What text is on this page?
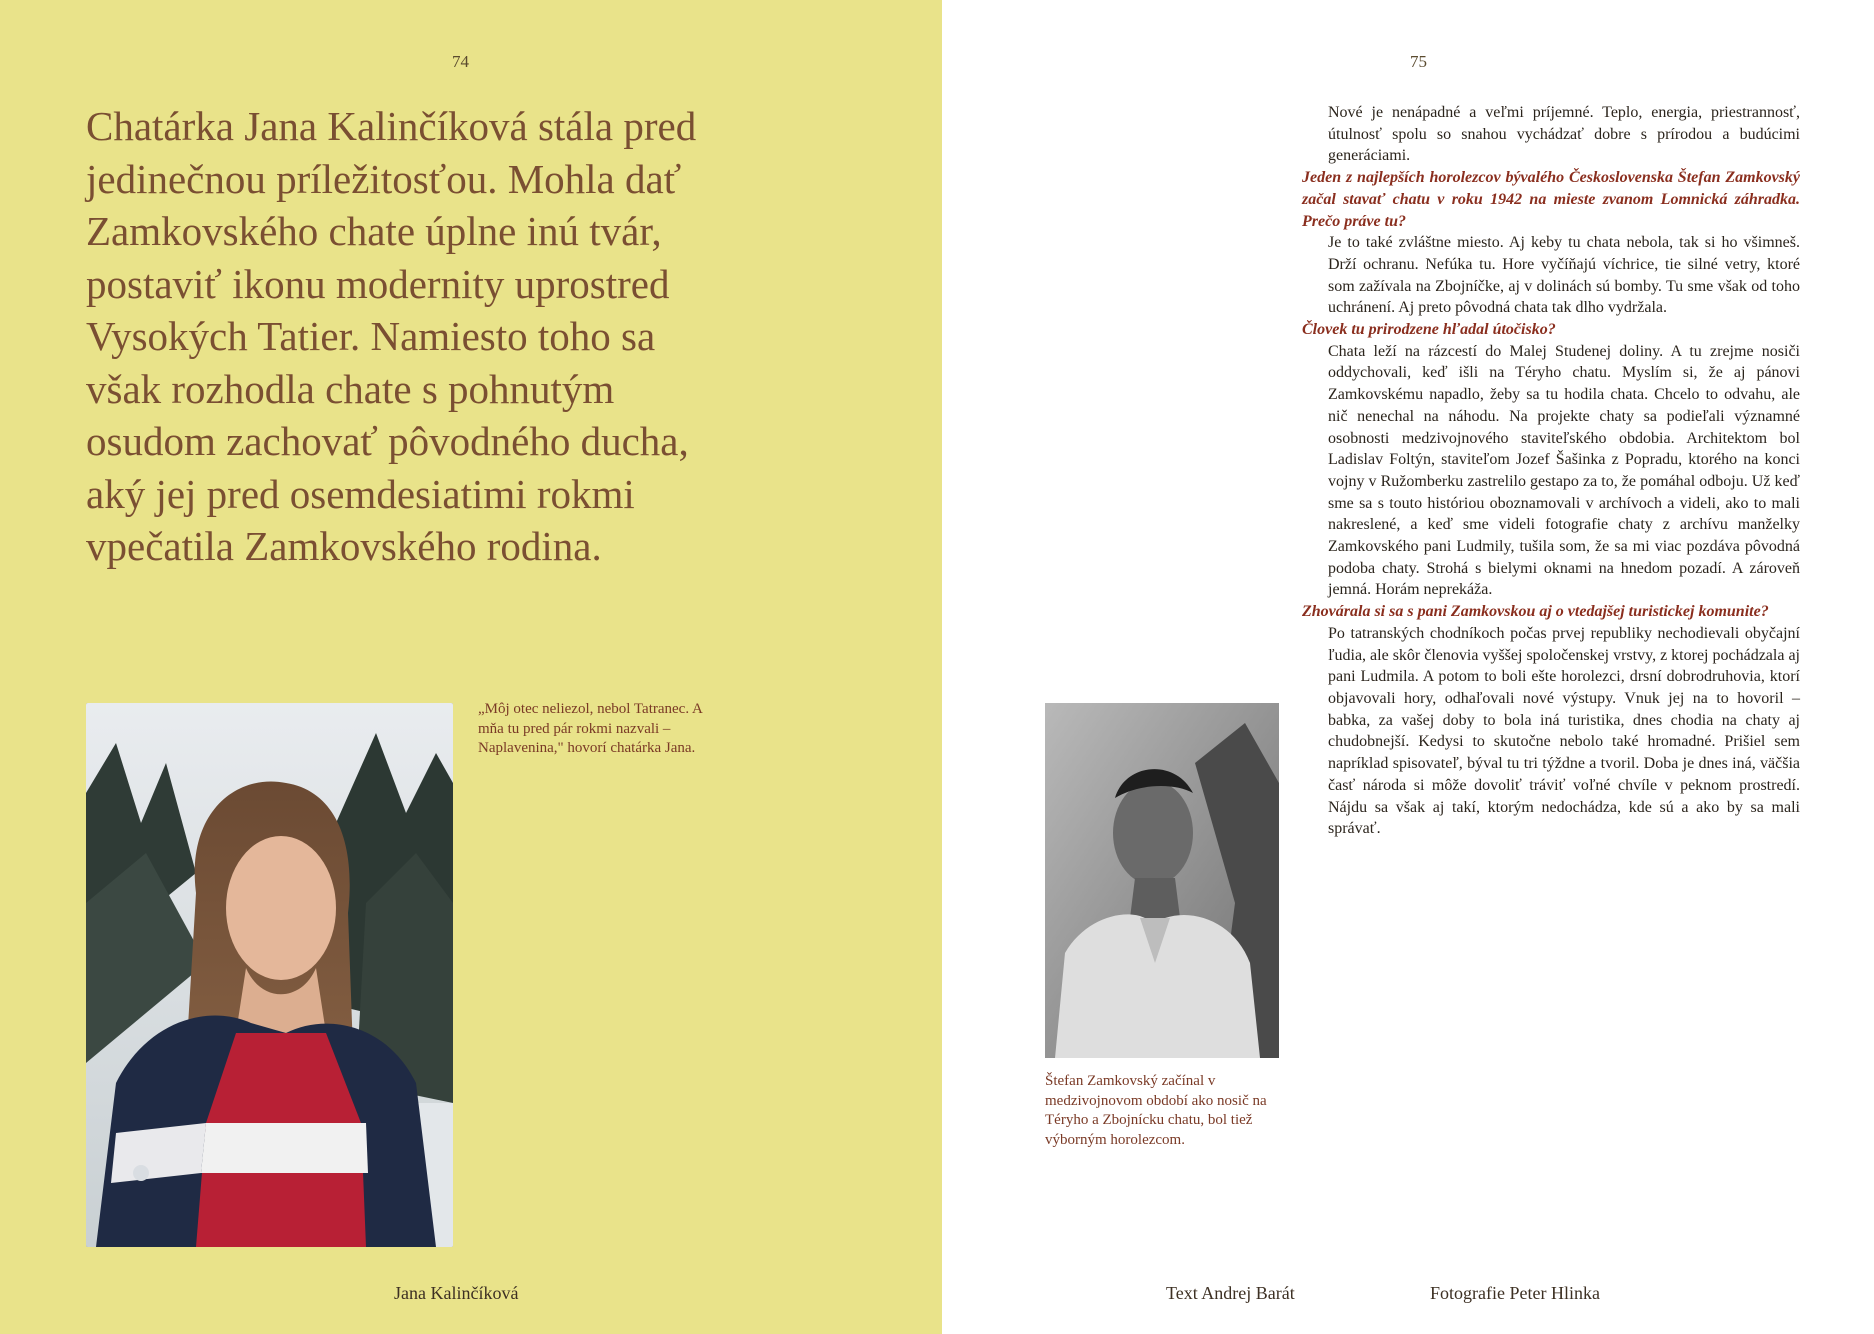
74

Chatárka Jana Kalinčíková stála pred jedinečnou príležitosťou. Mohla dať Zamkovského chate úplne inú tvár, postaviť ikonu modernity uprostred Vysokých Tatier. Namiesto toho sa však rozhodla chate s pohnutým osudom zachovať pôvodného ducha, aký jej pred osemdesiatimi rokmi vpečatila Zamkovského rodina.

„Môj otec neliezol, nebol Tatranec. A mňa tu pred pár rokmi nazvali – Naplavenina," hovorí chatárka Jana.

Jana Kalinčíková
75

Nové je nenápadné a veľmi príjemné. Teplo, energia, priestrannosť, útulnosť spolu so snahou vychádzať dobre s prírodou a budúcimi generáciami.

Jeden z najlepších horolezcov bývalého Československa Štefan Zamkovský začal stavať chatu v roku 1942 na mieste zvanom Lomnická záhradka. Prečo práve tu?

Je to také zvláštne miesto. Aj keby tu chata nebola, tak si ho všimneš. Drží ochranu. Nefúka tu. Hore vyčíňajú víchrice, tie silné vetry, ktoré som zažívala na Zbojníčke, aj v dolinách sú bomby. Tu sme však od toho uchránení. Aj preto pôvodná chata tak dlho vydržala.

Človek tu prirodzene hľadal útočisko?

Chata leží na rázcestí do Malej Studenej doliny. A tu zrejme nosiči oddychovali, keď išli na Téryho chatu. Myslím si, že aj pánovi Zamkovskému napadlo, žeby sa tu hodila chata. Chcelo to odvahu, ale nič nenechal na náhodu. Na projekte chaty sa podieľali významné osobnosti medzivojnového staviteľského obdobia. Architektom bol Ladislav Foltýn, staviteľom Jozef Šašinka z Popradu, ktorého na konci vojny v Ružomberku zastrelilo gestapo za to, že pomáhal odboju. Už keď sme sa s touto históriou oboznamovali v archívoch a videli, ako to mali nakreslené, a keď sme videli fotografie chaty z archívu manželky Zamkovského pani Ludmily, tušila som, že sa mi viac pozdáva pôvodná podoba chaty. Strohá s bielymi oknami na hnedom pozadí. A zároveň jemná. Horám neprekáža.

Zhovárala si sa s pani Zamkovskou aj o vtedajšej turistickej komunite?

Po tatranských chodníkoch počas prvej republiky nechodievali obyčajní ľudia, ale skôr členovia vyššej spoločenskej vrstvy, z ktorej pochádzala aj pani Ludmila. A potom to boli ešte horolezci, drsní dobrodruhovia, ktorí objavovali hory, odhaľovali nové výstupy. Vnuk jej na to hovoril – babka, za vašej doby to bola iná turistika, dnes chodia na chaty aj chudobnejší. Kedysi to skutočne nebolo také hromadné. Prišiel sem napríklad spisovateľ, býval tu tri týždne a tvoril. Doba je dnes iná, väčšia časť národa si môže dovoliť tráviť voľné chvíle v peknom prostredí. Nájdu sa však aj takí, ktorým nedochádza, kde sú a ako by sa mali správať.

Štefan Zamkovský začínal v medzivojnovom období ako nosič na Téryho a Zbojnícku chatu, bol tiež výborným horolezcom.

Text Andrej Barát	Fotografie Peter Hlinka
